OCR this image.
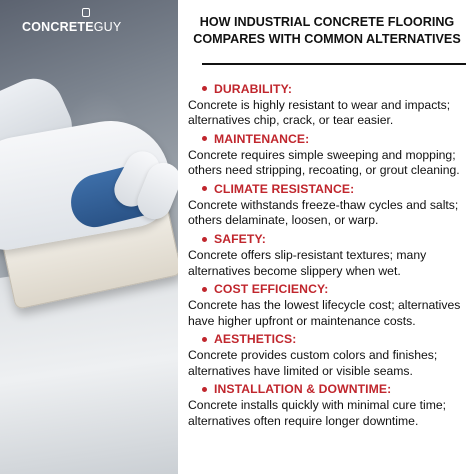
CONCRETEGUY	HOW INDUSTRIAL CONCRETE FLOORING COMPARES WITH COMMON ALTERNATIVES
DURABILITY:
Concrete is highly resistant to wear and impacts; alternatives chip, crack, or tear easier.
MAINTENANCE:
Concrete requires simple sweeping and mopping; others need stripping, recoating, or grout cleaning.
CLIMATE RESISTANCE:
Concrete withstands freeze-thaw cycles and salts; others delaminate, loosen, or warp.
SAFETY:
Concrete offers slip-resistant textures; many alternatives become slippery when wet.
COST EFFICIENCY:
Concrete has the lowest lifecycle cost; alternatives have higher upfront or maintenance costs.
AESTHETICS:
Concrete provides custom colors and finishes; alternatives have limited or visible seams.
INSTALLATION & DOWNTIME:
Concrete installs quickly with minimal cure time; alternatives often require longer downtime.
